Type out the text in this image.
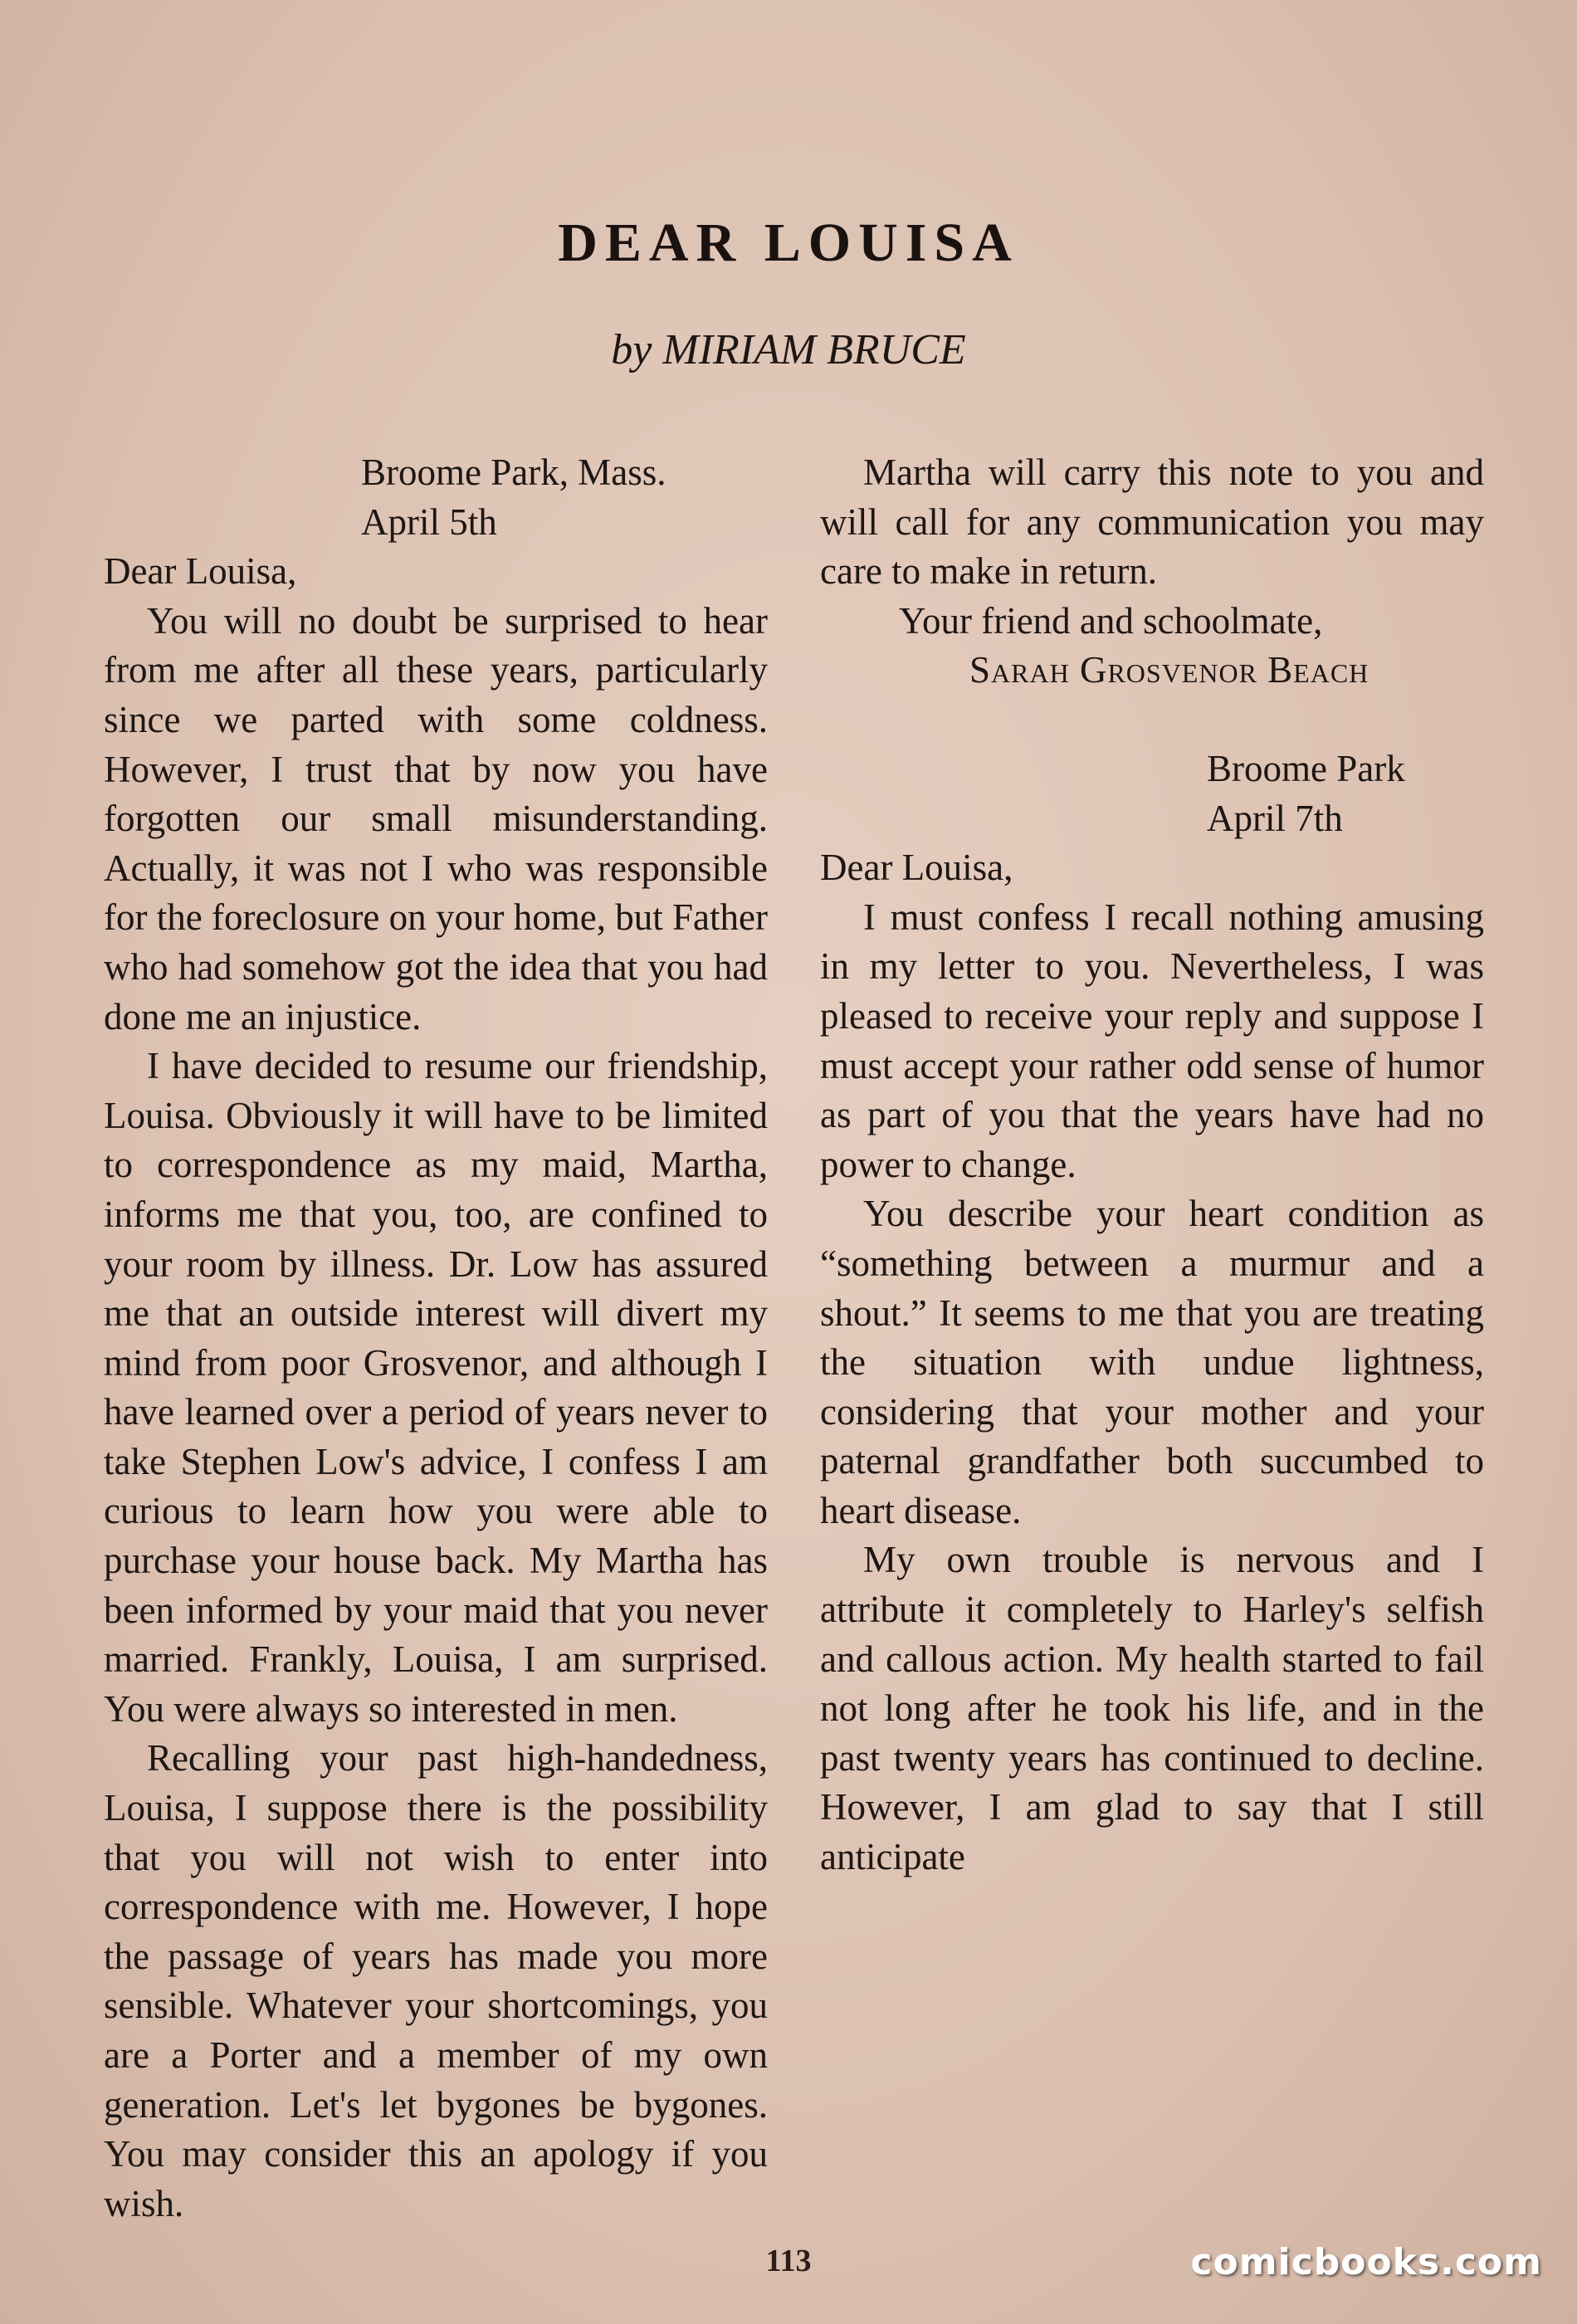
DEAR LOUISA
by MIRIAM BRUCE
Broome Park, Mass.
April 5th
Dear Louisa,

You will no doubt be surprised to hear from me after all these years, particularly since we parted with some coldness. However, I trust that by now you have forgotten our small misunderstanding. Actually, it was not I who was responsible for the foreclosure on your home, but Father who had somehow got the idea that you had done me an injustice.

I have decided to resume our friendship, Louisa. Obviously it will have to be limited to correspondence as my maid, Martha, informs me that you, too, are confined to your room by illness. Dr. Low has assured me that an outside interest will divert my mind from poor Grosvenor, and although I have learned over a period of years never to take Stephen Low's advice, I confess I am curious to learn how you were able to purchase your house back. My Martha has been informed by your maid that you never married. Frankly, Louisa, I am surprised. You were always so interested in men.

Recalling your past high-handedness, Louisa, I suppose there is the possibility that you will not wish to enter into correspondence with me. However, I hope the passage of years has made you more sensible. Whatever your shortcomings, you are a Porter and a member of my own generation. Let's let bygones be bygones. You may consider this an apology if you wish.

Martha will carry this note to you and will call for any communication you may care to make in return.

Your friend and schoolmate,
Sarah Grosvenor Beach
Broome Park
April 7th
Dear Louisa,

I must confess I recall nothing amusing in my letter to you. Nevertheless, I was pleased to receive your reply and suppose I must accept your rather odd sense of humor as part of you that the years have had no power to change.

You describe your heart condition as “something between a murmur and a shout.” It seems to me that you are treating the situation with undue lightness, considering that your mother and your paternal grandfather both succumbed to heart disease.

My own trouble is nervous and I attribute it completely to Harley's selfish and callous action. My health started to fail not long after he took his life, and in the past twenty years has continued to decline. However, I am glad to say that I still anticipate

113	comicbooks.com
